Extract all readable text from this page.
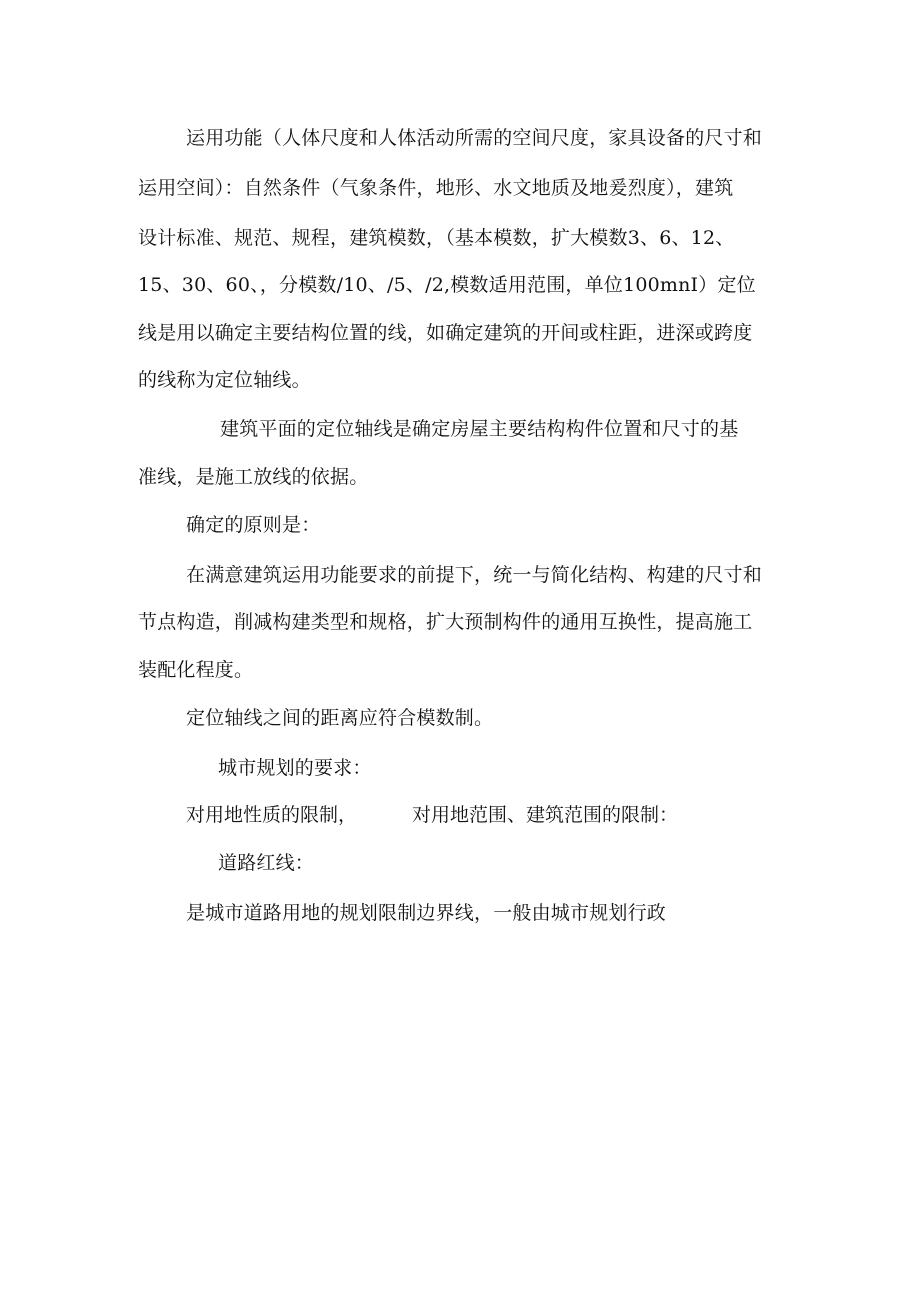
运用功能（人体尺度和人体活动所需的空间尺度，家具设备的尺寸和
运用空间）：自然条件（气象条件，地形、水文地质及地爰烈度），建筑
设计标准、规范、规程，建筑模数，（基本模数，扩大模数3、6、12、
15、30、60、，分模数/10、/5、/2,模数适用范围，单位100mnI）定位
线是用以确定主要结构位置的线，如确定建筑的开间或柱距，进深或跨度
的线称为定位轴线。
建筑平面的定位轴线是确定房屋主要结构构件位置和尺寸的基
准线，是施工放线的依据。
确定的原则是：
在满意建筑运用功能要求的前提下，统一与简化结构、构建的尺寸和
节点构造，削减构建类型和规格，扩大预制构件的通用互换性，提高施工
装配化程度。
定位轴线之间的距离应符合模数制。
城市规划的要求：
对用地性质的限制，	对用地范围、建筑范围的限制：
道路红线：
是城市道路用地的规划限制边界线，一般由城市规划行政
